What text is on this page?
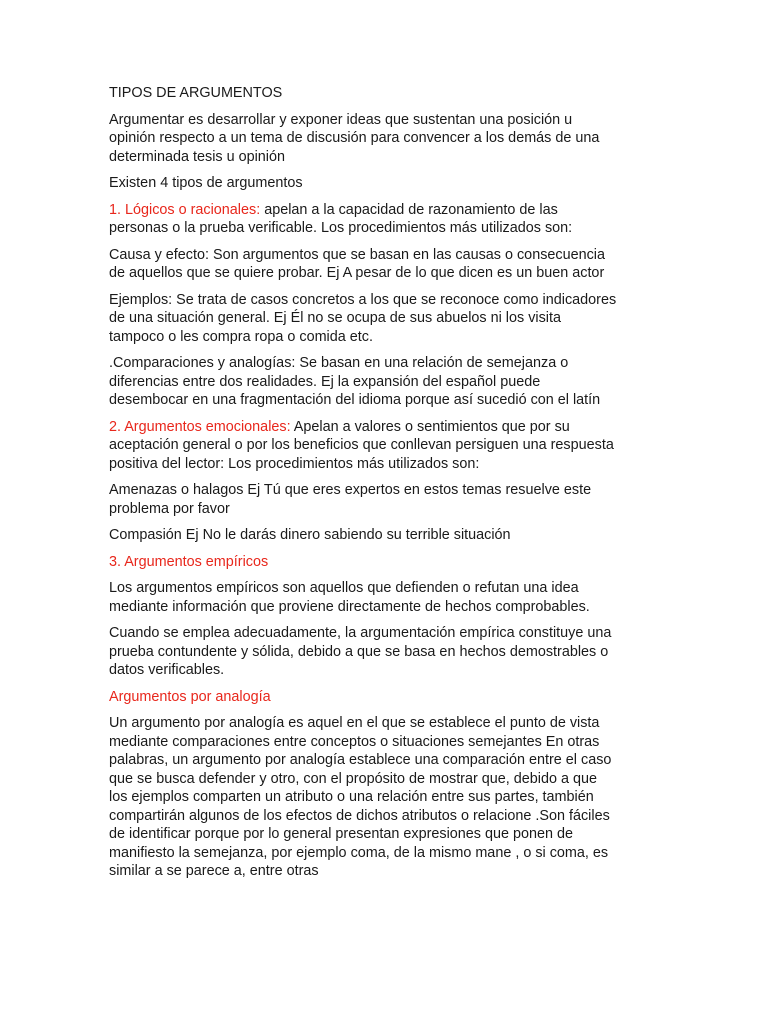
TIPOS DE ARGUMENTOS

Argumentar es desarrollar y exponer ideas que sustentan una posición u
opinión respecto a un tema de discusión para convencer a los demás de una
determinada tesis u opinión

Existen 4 tipos de argumentos

1. Lógicos o racionales: apelan a la capacidad de razonamiento de las
personas o la prueba verificable. Los procedimientos más utilizados son:

Causa y efecto: Son argumentos que se basan en las causas o consecuencia
de aquellos que se quiere probar. Ej A pesar de lo que dicen es un buen actor

Ejemplos: Se trata de casos concretos a los que se reconoce como indicadores
de una situación general. Ej Él no se ocupa de sus abuelos ni los visita
tampoco o les compra ropa o comida etc.

.Comparaciones y analogías: Se basan en una relación de semejanza o
diferencias entre dos realidades. Ej la expansión del español puede
desembocar en una fragmentación del idioma porque así sucedió con el latín

2. Argumentos emocionales: Apelan a valores o sentimientos que por su
aceptación general o por los beneficios que conllevan persiguen una respuesta
positiva del lector: Los procedimientos más utilizados son:

Amenazas o halagos Ej Tú que eres expertos en estos temas resuelve este
problema por favor

Compasión Ej No le darás dinero sabiendo su terrible situación

3. Argumentos empíricos

Los argumentos empíricos son aquellos que defienden o refutan una idea
mediante información que proviene directamente de hechos comprobables.

Cuando se emplea adecuadamente, la argumentación empírica constituye una
prueba contundente y sólida, debido a que se basa en hechos demostrables o
datos verificables.

Argumentos por analogía

Un argumento por analogía es aquel en el que se establece el punto de vista
mediante comparaciones entre conceptos o situaciones semejantes En otras
palabras, un argumento por analogía establece una comparación entre el caso
que se busca defender y otro, con el propósito de mostrar que, debido a que
los ejemplos comparten un atributo o una relación entre sus partes, también
compartirán algunos de los efectos de dichos atributos o relacione .Son fáciles
de identificar porque por lo general presentan expresiones que ponen de
manifiesto la semejanza, por ejemplo coma, de la mismo mane , o si coma, es
similar a se parece a, entre otras
